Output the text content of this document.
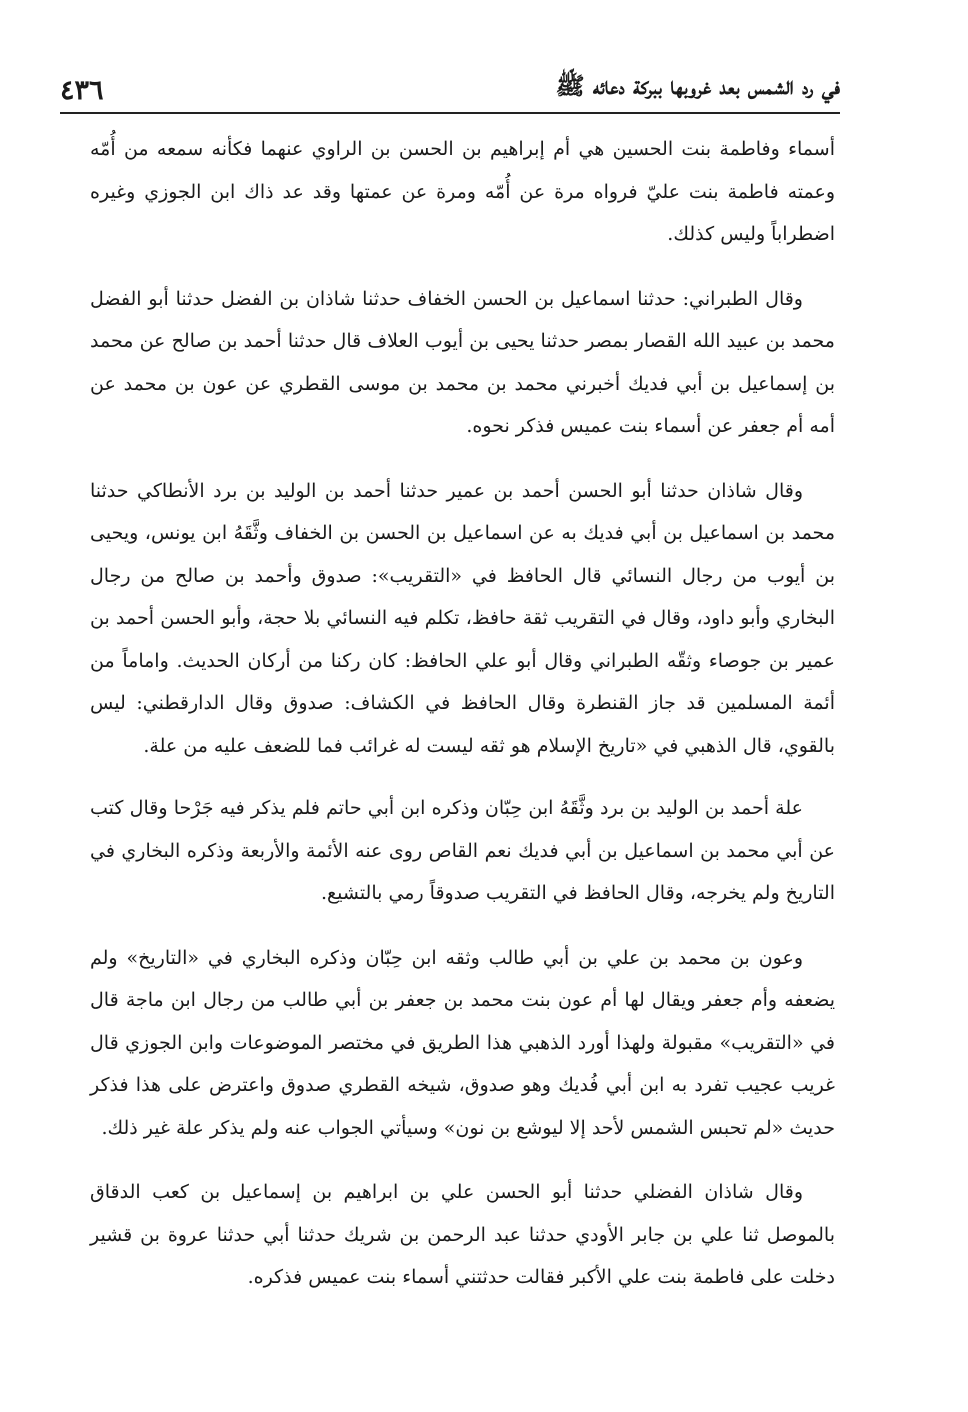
في رد الشمس بعد غروبها ببركة دعائه ﷺ
٤٣٦

أسماء وفاطمة بنت الحسين هي أم إبراهيم بن الحسن بن الراوي عنهما فكأنه سمعه من أُمّه وعمته فاطمة بنت عليّ فرواه مرة عن أُمّه ومرة عن عمتها وقد عد ذاك ابن الجوزي وغيره اضطراباً وليس كذلك.

وقال الطبراني: حدثنا اسماعيل بن الحسن الخفاف حدثنا شاذان بن الفضل حدثنا أبو الفضل محمد بن عبيد الله القصار بمصر حدثنا يحيى بن أيوب العلاف قال حدثنا أحمد بن صالح عن محمد بن إسماعيل بن أبي فديك أخبرني محمد بن محمد بن موسى القطري عن عون بن محمد عن أمه أم جعفر عن أسماء بنت عميس فذكر نحوه.

وقال شاذان حدثنا أبو الحسن أحمد بن عمير حدثنا أحمد بن الوليد بن برد الأنطاكي حدثنا محمد بن اسماعيل بن أبي فديك به عن اسماعيل بن الحسن بن الخفاف وثَّقَهُ ابن يونس، ويحيى بن أيوب من رجال النسائي قال الحافظ في «التقريب»: صدوق وأحمد بن صالح من رجال البخاري وأبو داود، وقال في التقريب ثقة حافظ، تكلم فيه النسائي بلا حجة، وأبو الحسن أحمد بن عمير بن جوصاء وثقّه الطبراني وقال أبو علي الحافظ: كان ركنا من أركان الحديث. واماماً من أئمة المسلمين قد جاز القنطرة وقال الحافظ في الكشاف: صدوق وقال الدارقطني: ليس بالقوي، قال الذهبي في «تاريخ الإسلام هو ثقه ليست له غرائب فما للضعف عليه من علة.

علة أحمد بن الوليد بن برد وثَّقَهُ ابن حِبّان وذكره ابن أبي حاتم فلم يذكر فيه جَرْحا وقال كتب عن أبي محمد بن اسماعيل بن أبي فديك نعم القاص روى عنه الأئمة والأربعة وذكره البخاري في التاريخ ولم يخرجه، وقال الحافظ في التقريب صدوقاً رمي بالتشيع.

وعون بن محمد بن علي بن أبي طالب وثقه ابن حِبّان وذكره البخاري في «التاريخ» ولم يضعفه وأم جعفر ويقال لها أم عون بنت محمد بن جعفر بن أبي طالب من رجال ابن ماجة قال في «التقريب» مقبولة ولهذا أورد الذهبي هذا الطريق في مختصر الموضوعات وابن الجوزي قال غريب عجيب تفرد به ابن أبي فُديك وهو صدوق، شيخه القطري صدوق واعترض على هذا فذكر حديث «لم تحبس الشمس لأحد إلا ليوشع بن نون» وسيأتي الجواب عنه ولم يذكر علة غير ذلك.

وقال شاذان الفضلي حدثنا أبو الحسن علي بن ابراهيم بن إسماعيل بن كعب الدقاق بالموصل ثنا علي بن جابر الأودي حدثنا عبد الرحمن بن شريك حدثنا أبي حدثنا عروة بن قشير دخلت على فاطمة بنت علي الأكبر فقالت حدثتني أسماء بنت عميس فذكره.
